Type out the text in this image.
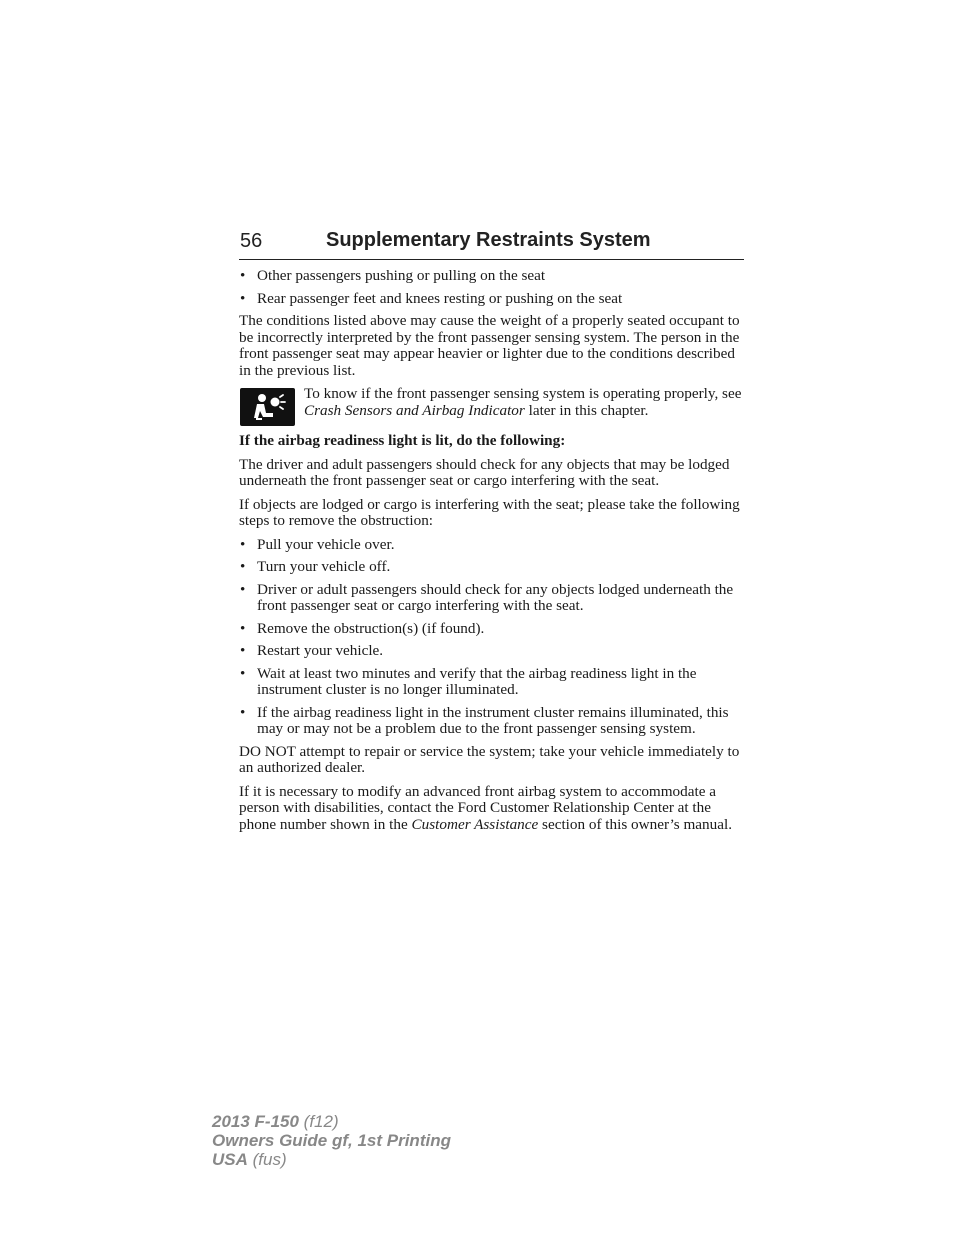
56	Supplementary Restraints System
• Other passengers pushing or pulling on the seat
• Rear passenger feet and knees resting or pushing on the seat

The conditions listed above may cause the weight of a properly seated occupant to be incorrectly interpreted by the front passenger sensing system. The person in the front passenger seat may appear heavier or lighter due to the conditions described in the previous list.

To know if the front passenger sensing system is operating properly, see Crash Sensors and Airbag Indicator later in this chapter.

If the airbag readiness light is lit, do the following:

The driver and adult passengers should check for any objects that may be lodged underneath the front passenger seat or cargo interfering with the seat.

If objects are lodged or cargo is interfering with the seat; please take the following steps to remove the obstruction:

• Pull your vehicle over.
• Turn your vehicle off.
• Driver or adult passengers should check for any objects lodged underneath the front passenger seat or cargo interfering with the seat.
• Remove the obstruction(s) (if found).
• Restart your vehicle.
• Wait at least two minutes and verify that the airbag readiness light in the instrument cluster is no longer illuminated.
• If the airbag readiness light in the instrument cluster remains illuminated, this may or may not be a problem due to the front passenger sensing system.

DO NOT attempt to repair or service the system; take your vehicle immediately to an authorized dealer.

If it is necessary to modify an advanced front airbag system to accommodate a person with disabilities, contact the Ford Customer Relationship Center at the phone number shown in the Customer Assistance section of this owner’s manual.

2013 F-150 (f12)
Owners Guide gf, 1st Printing
USA (fus)
